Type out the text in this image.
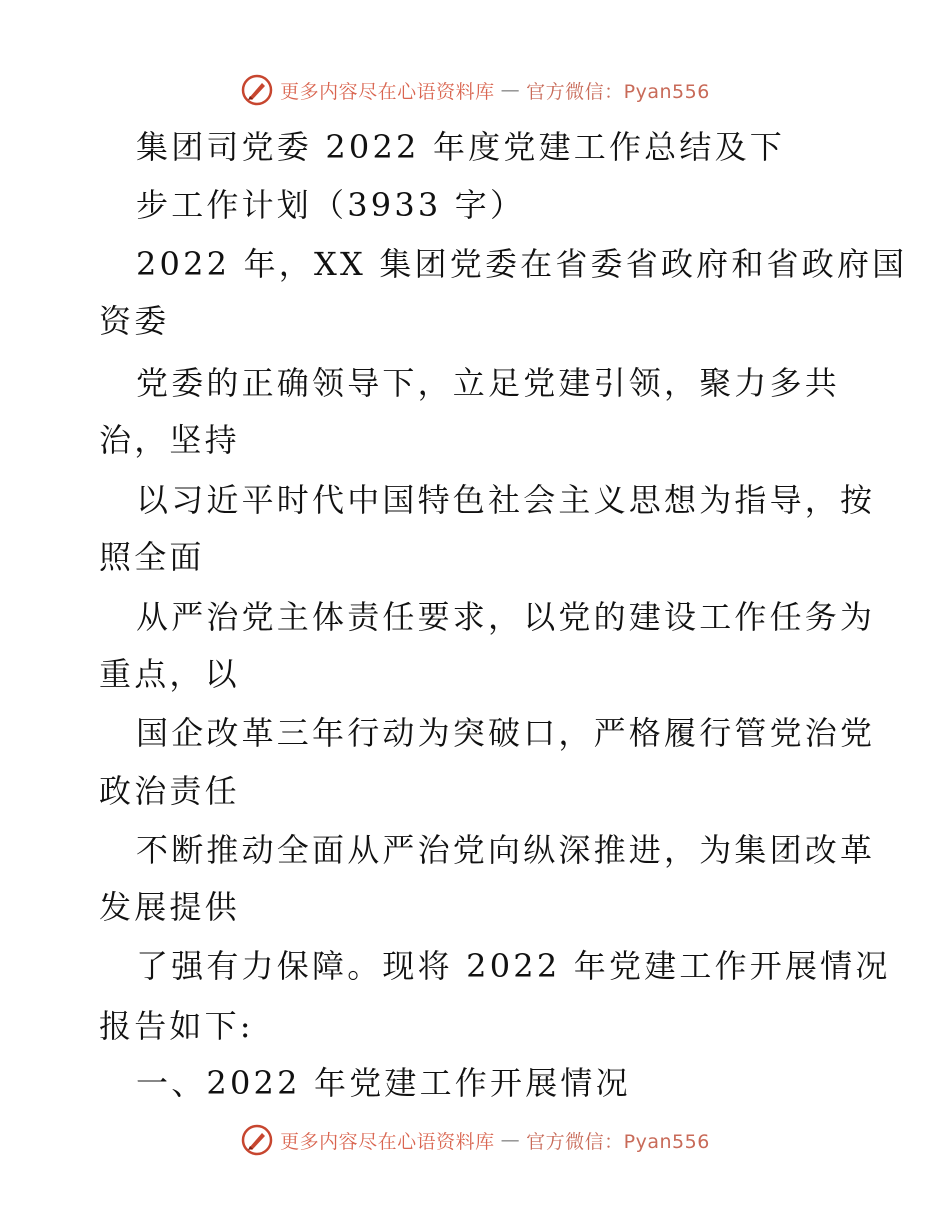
更多内容尽在心语资料库 — 官方微信：Pyan556
集团司党委 2022 年度党建工作总结及下
步工作计划（3933 字）
2022 年，XX 集团党委在省委省政府和省政府国
资委
党委的正确领导下，立足党建引领，聚力多共
治，坚持
以习近平时代中国特色社会主义思想为指导，按
照全面
从严治党主体责任要求，以党的建设工作任务为
重点，以
国企改革三年行动为突破口，严格履行管党治党
政治责任
不断推动全面从严治党向纵深推进，为集团改革
发展提供
了强有力保障。现将 2022 年党建工作开展情况
报告如下:
一、2022 年党建工作开展情况
更多内容尽在心语资料库 — 官方微信：Pyan556
